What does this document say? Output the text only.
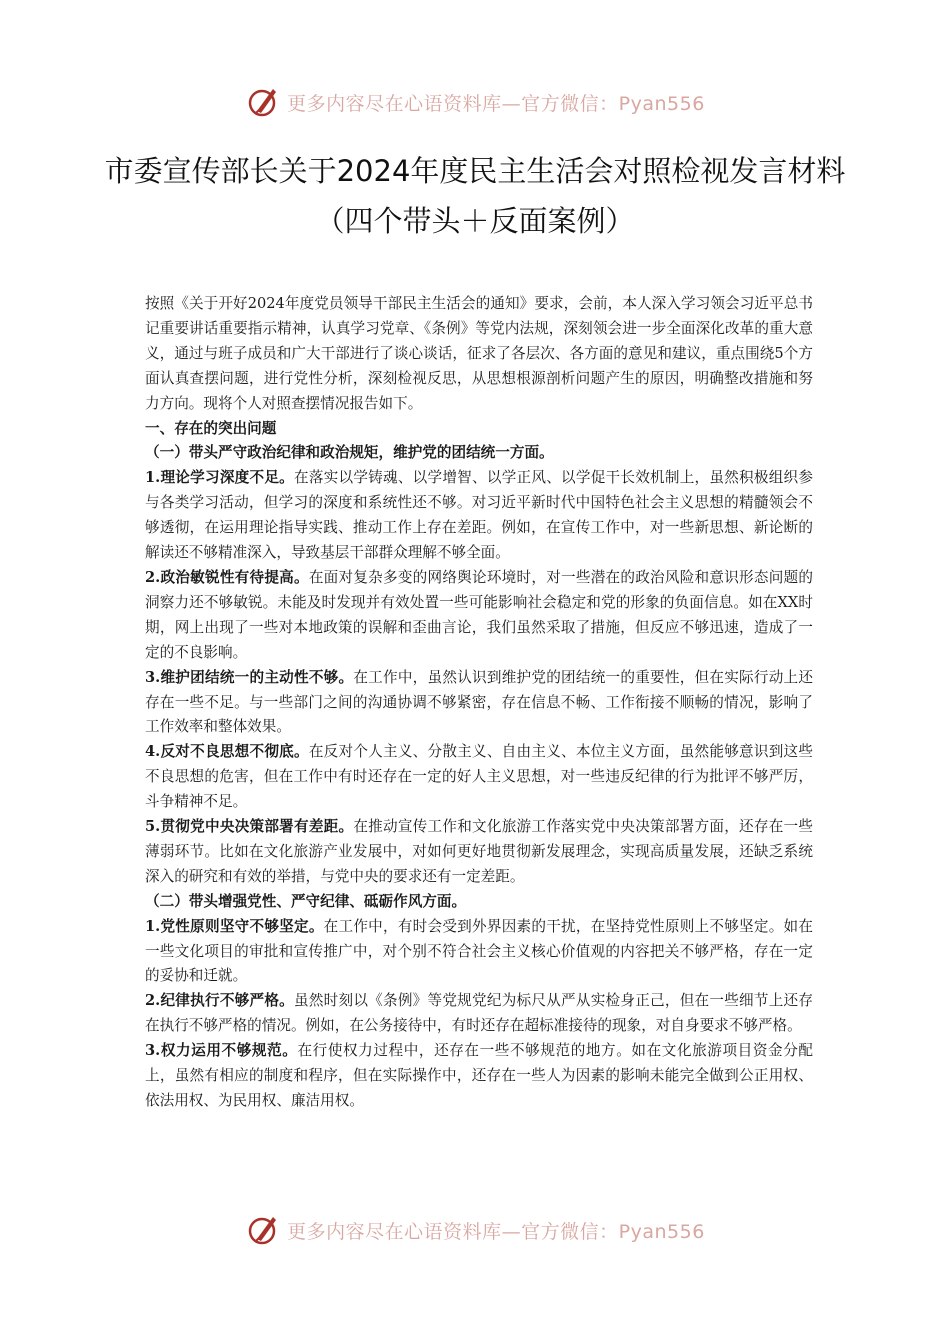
更多内容尽在心语资料库—官方微信：Pyan556
市委宣传部长关于2024年度民主生活会对照检视发言材料（四个带头＋反面案例）

按照《关于开好2024年度党员领导干部民主生活会的通知》要求，会前，本人深入学习领会习近平总书记重要讲话重要指示精神，认真学习党章、《条例》等党内法规，深刻领会进一步全面深化改革的重大意义，通过与班子成员和广大干部进行了谈心谈话，征求了各层次、各方面的意见和建议，重点围绕5个方面认真查摆问题，进行党性分析，深刻检视反思，从思想根源剖析问题产生的原因，明确整改措施和努力方向。现将个人对照查摆情况报告如下。

一、存在的突出问题

（一）带头严守政治纪律和政治规矩，维护党的团结统一方面。

1.理论学习深度不足。在落实以学铸魂、以学增智、以学正风、以学促干长效机制上，虽然积极组织参与各类学习活动，但学习的深度和系统性还不够。对习近平新时代中国特色社会主义思想的精髓领会不够透彻，在运用理论指导实践、推动工作上存在差距。例如，在宣传工作中，对一些新思想、新论断的解读还不够精准深入，导致基层干部群众理解不够全面。

2.政治敏锐性有待提高。在面对复杂多变的网络舆论环境时，对一些潜在的政治风险和意识形态问题的洞察力还不够敏锐。未能及时发现并有效处置一些可能影响社会稳定和党的形象的负面信息。如在XX时期，网上出现了一些对本地政策的误解和歪曲言论，我们虽然采取了措施，但反应不够迅速，造成了一定的不良影响。

3.维护团结统一的主动性不够。在工作中，虽然认识到维护党的团结统一的重要性，但在实际行动上还存在一些不足。与一些部门之间的沟通协调不够紧密，存在信息不畅、工作衔接不顺畅的情况，影响了工作效率和整体效果。

4.反对不良思想不彻底。在反对个人主义、分散主义、自由主义、本位主义方面，虽然能够意识到这些不良思想的危害，但在工作中有时还存在一定的好人主义思想，对一些违反纪律的行为批评不够严厉，斗争精神不足。

5.贯彻党中央决策部署有差距。在推动宣传工作和文化旅游工作落实党中央决策部署方面，还存在一些薄弱环节。比如在文化旅游产业发展中，对如何更好地贯彻新发展理念，实现高质量发展，还缺乏系统深入的研究和有效的举措，与党中央的要求还有一定差距。

（二）带头增强党性、严守纪律、砥砺作风方面。

1.党性原则坚守不够坚定。在工作中，有时会受到外界因素的干扰，在坚持党性原则上不够坚定。如在一些文化项目的审批和宣传推广中，对个别不符合社会主义核心价值观的内容把关不够严格，存在一定的妥协和迁就。

2.纪律执行不够严格。虽然时刻以《条例》等党规党纪为标尺从严从实检身正己，但在一些细节上还存在执行不够严格的情况。例如，在公务接待中，有时还存在超标准接待的现象，对自身要求不够严格。

3.权力运用不够规范。在行使权力过程中，还存在一些不够规范的地方。如在文化旅游项目资金分配上，虽然有相应的制度和程序，但在实际操作中，还存在一些人为因素的影响未能完全做到公正用权、依法用权、为民用权、廉洁用权。

更多内容尽在心语资料库—官方微信：Pyan556
